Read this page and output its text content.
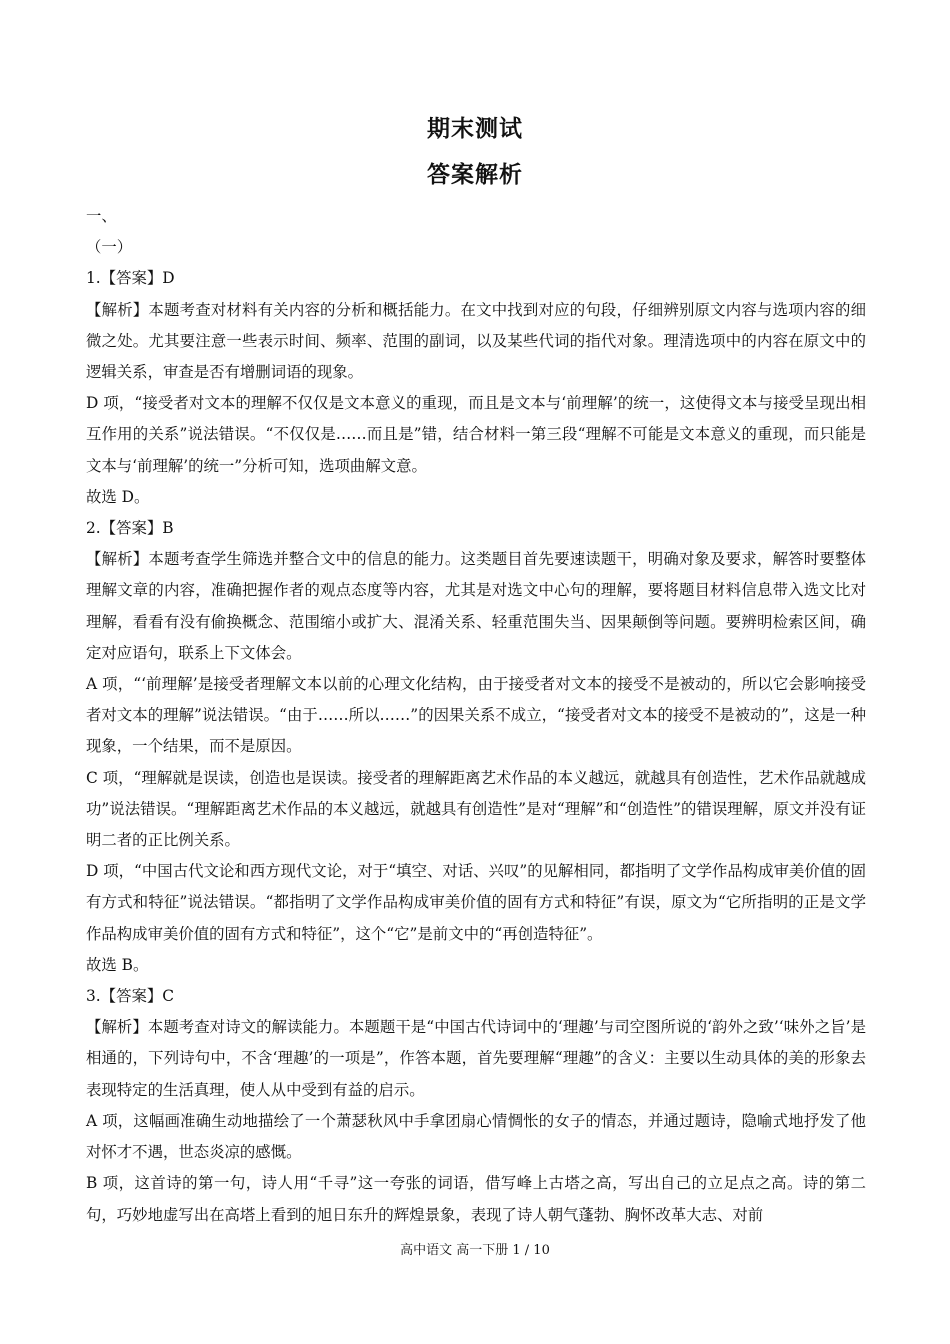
期末测试
答案解析

一、

（一）

1.【答案】D

【解析】本题考查对材料有关内容的分析和概括能力。在文中找到对应的句段，仔细辨别原文内容与选项内容的细微之处。尤其要注意一些表示时间、频率、范围的副词，以及某些代词的指代对象。理清选项中的内容在原文中的逻辑关系，审查是否有增删词语的现象。

D 项，“接受者对文本的理解不仅仅是文本意义的重现，而且是文本与‘前理解’的统一，这使得文本与接受呈现出相互作用的关系”说法错误。“不仅仅是……而且是”错，结合材料一第三段“理解不可能是文本意义的重现，而只能是文本与‘前理解’的统一”分析可知，选项曲解文意。

故选 D。

2.【答案】B

【解析】本题考查学生筛选并整合文中的信息的能力。这类题目首先要速读题干，明确对象及要求，解答时要整体理解文章的内容，准确把握作者的观点态度等内容，尤其是对选文中心句的理解，要将题目材料信息带入选文比对理解，看看有没有偷换概念、范围缩小或扩大、混淆关系、轻重范围失当、因果颠倒等问题。要辨明检索区间，确定对应语句，联系上下文体会。

A 项，“‘前理解’是接受者理解文本以前的心理文化结构，由于接受者对文本的接受不是被动的，所以它会影响接受者对文本的理解”说法错误。“由于……所以……”的因果关系不成立，“接受者对文本的接受不是被动的”，这是一种现象，一个结果，而不是原因。

C 项，“理解就是误读，创造也是误读。接受者的理解距离艺术作品的本义越远，就越具有创造性，艺术作品就越成功”说法错误。“理解距离艺术作品的本义越远，就越具有创造性”是对“理解”和“创造性”的错误理解，原文并没有证明二者的正比例关系。

D 项，“中国古代文论和西方现代文论，对于“填空、对话、兴叹”的见解相同，都指明了文学作品构成审美价值的固有方式和特征”说法错误。“都指明了文学作品构成审美价值的固有方式和特征”有误，原文为“它所指明的正是文学作品构成审美价值的固有方式和特征”，这个“它”是前文中的“再创造特征”。

故选 B。

3.【答案】C

【解析】本题考查对诗文的解读能力。本题题干是“中国古代诗词中的‘理趣’与司空图所说的‘韵外之致’‘味外之旨’是相通的，下列诗句中，不含‘理趣’的一项是”，作答本题，首先要理解“理趣”的含义：主要以生动具体的美的形象去表现特定的生活真理，使人从中受到有益的启示。

A 项，这幅画准确生动地描绘了一个萧瑟秋风中手拿团扇心情惆怅的女子的情态，并通过题诗，隐喻式地抒发了他对怀才不遇，世态炎凉的感慨。

B 项，这首诗的第一句，诗人用“千寻”这一夸张的词语，借写峰上古塔之高，写出自己的立足点之高。诗的第二句，巧妙地虚写出在高塔上看到的旭日东升的辉煌景象，表现了诗人朝气蓬勃、胸怀改革大志、对前

高中语文 高一下册 1 / 10
